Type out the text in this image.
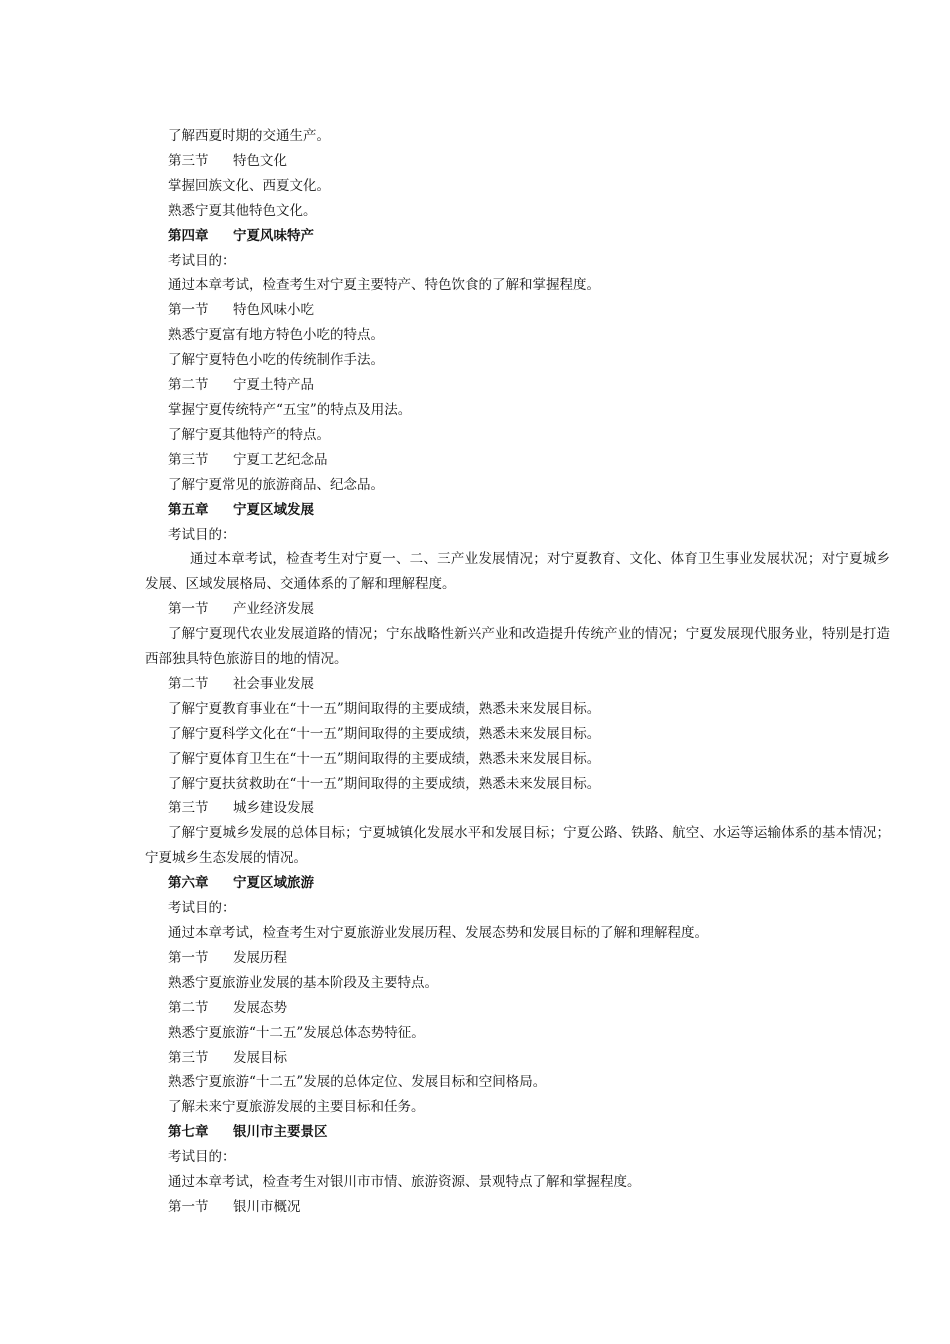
了解西夏时期的交通生产。
第三节 特色文化
掌握回族文化、西夏文化。
熟悉宁夏其他特色文化。
第四章 宁夏风味特产
考试目的：
通过本章考试，检查考生对宁夏主要特产、特色饮食的了解和掌握程度。
第一节 特色风味小吃
熟悉宁夏富有地方特色小吃的特点。
了解宁夏特色小吃的传统制作手法。
第二节 宁夏土特产品
掌握宁夏传统特产“五宝”的特点及用法。
了解宁夏其他特产的特点。
第三节 宁夏工艺纪念品
了解宁夏常见的旅游商品、纪念品。
第五章 宁夏区域发展
考试目的：
通过本章考试，检查考生对宁夏一、二、三产业发展情况；对宁夏教育、文化、体育卫生事业发展状况；对宁夏城乡发展、区域发展格局、交通体系的了解和理解程度。
第一节 产业经济发展
了解宁夏现代农业发展道路的情况；宁东战略性新兴产业和改造提升传统产业的情况；宁夏发展现代服务业，特别是打造西部独具特色旅游目的地的情况。
第二节 社会事业发展
了解宁夏教育事业在“十一五”期间取得的主要成绩，熟悉未来发展目标。
了解宁夏科学文化在“十一五”期间取得的主要成绩，熟悉未来发展目标。
了解宁夏体育卫生在“十一五”期间取得的主要成绩，熟悉未来发展目标。
了解宁夏扶贫救助在“十一五”期间取得的主要成绩，熟悉未来发展目标。
第三节 城乡建设发展
了解宁夏城乡发展的总体目标；宁夏城镇化发展水平和发展目标；宁夏公路、铁路、航空、水运等运输体系的基本情况；宁夏城乡生态发展的情况。
第六章 宁夏区域旅游
考试目的：
通过本章考试，检查考生对宁夏旅游业发展历程、发展态势和发展目标的了解和理解程度。
第一节 发展历程
熟悉宁夏旅游业发展的基本阶段及主要特点。
第二节 发展态势
熟悉宁夏旅游“十二五”发展总体态势特征。
第三节 发展目标
熟悉宁夏旅游“十二五”发展的总体定位、发展目标和空间格局。
了解未来宁夏旅游发展的主要目标和任务。
第七章 银川市主要景区
考试目的：
通过本章考试，检查考生对银川市市情、旅游资源、景观特点了解和掌握程度。
第一节 银川市概况
